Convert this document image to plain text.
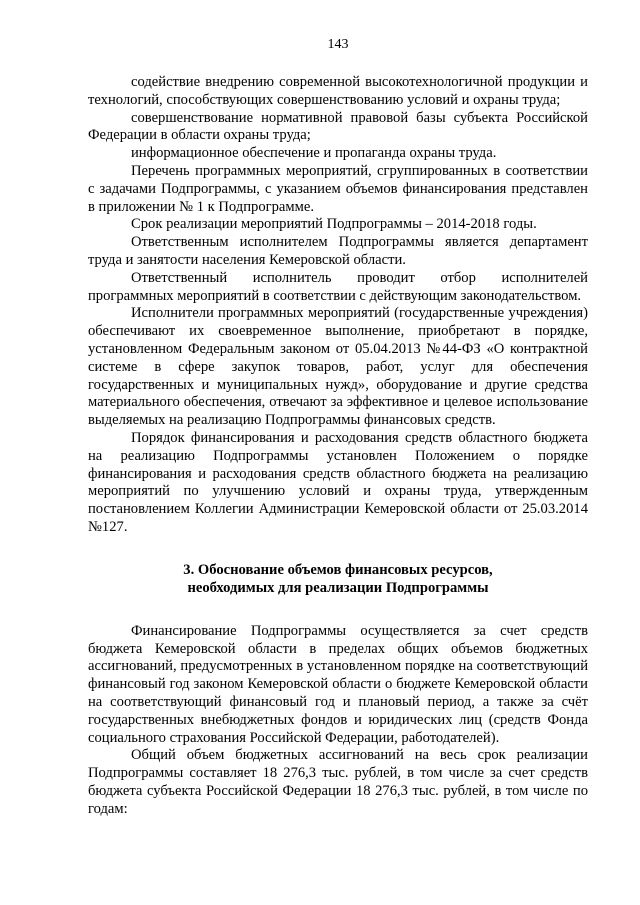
143

содействие внедрению современной высокотехнологичной продукции и технологий, способствующих совершенствованию условий и охраны труда;

совершенствование нормативной правовой базы субъекта Российской Федерации в области охраны труда;

информационное обеспечение и пропаганда охраны труда.

Перечень программных мероприятий, сгруппированных в соответствии с задачами Подпрограммы, с указанием объемов финансирования представлен в приложении № 1 к Подпрограмме.

Срок реализации мероприятий Подпрограммы – 2014-2018 годы.

Ответственным исполнителем Подпрограммы является департамент труда и занятости населения Кемеровской области.

Ответственный исполнитель проводит отбор исполнителей программных мероприятий в соответствии с действующим законодательством.

Исполнители программных мероприятий (государственные учреждения) обеспечивают их своевременное выполнение, приобретают в порядке, установленном Федеральным законом от 05.04.2013 №44-ФЗ «О контрактной системе в сфере закупок товаров, работ, услуг для обеспечения государственных и муниципальных нужд», оборудование и другие средства материального обеспечения, отвечают за эффективное и целевое использование выделяемых на реализацию Подпрограммы финансовых средств.

Порядок финансирования и расходования средств областного бюджета на реализацию Подпрограммы установлен Положением о порядке финансирования и расходования средств областного бюджета на реализацию мероприятий по улучшению условий и охраны труда, утвержденным постановлением Коллегии Администрации Кемеровской области от 25.03.2014 №127.

3. Обоснование объемов финансовых ресурсов,
необходимых для реализации Подпрограммы

Финансирование Подпрограммы осуществляется за счет средств бюджета Кемеровской области в пределах общих объемов бюджетных ассигнований, предусмотренных в установленном порядке на соответствующий финансовый год законом Кемеровской области о бюджете Кемеровской области на соответствующий финансовый год и плановый период, а также за счёт государственных внебюджетных фондов и юридических лиц (средств Фонда социального страхования Российской Федерации, работодателей).

Общий объем бюджетных ассигнований на весь срок реализации Подпрограммы составляет 18 276,3 тыс. рублей, в том числе за счет средств бюджета субъекта Российской Федерации 18 276,3 тыс. рублей, в том числе по годам:
